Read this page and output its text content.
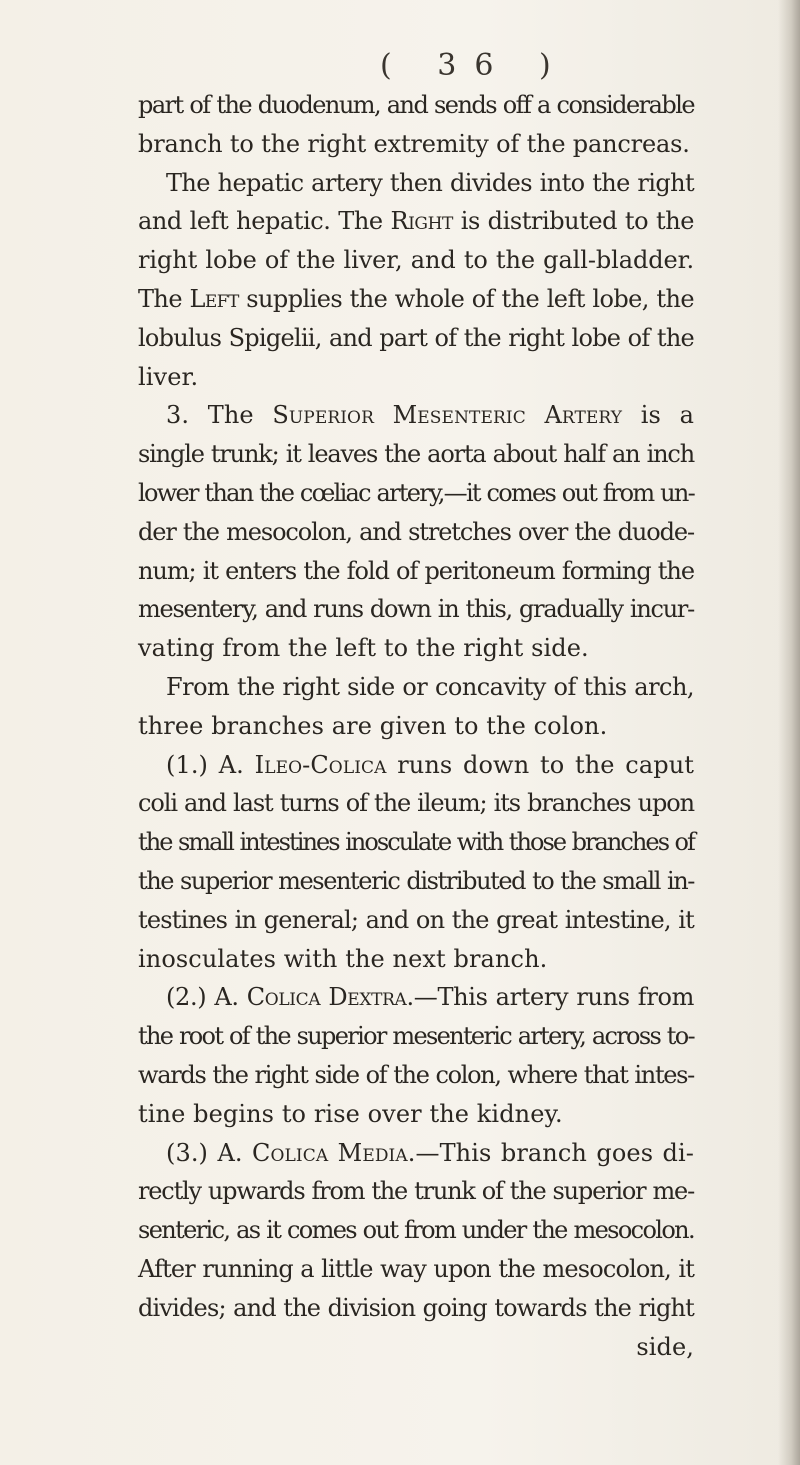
( 36 )
part of the duodenum, and sends off a considerable
branch to the right extremity of the pancreas.
The hepatic artery then divides into the right
and left hepatic. The Right is distributed to the
right lobe of the liver, and to the gall-bladder.
The Left supplies the whole of the left lobe, the
lobulus Spigelii, and part of the right lobe of the
liver.
3. The Superior Mesenteric Artery is a
single trunk; it leaves the aorta about half an inch
lower than the cœliac artery,—it comes out from un-
der the mesocolon, and stretches over the duode-
num; it enters the fold of peritoneum forming the
mesentery, and runs down in this, gradually incur-
vating from the left to the right side.
From the right side or concavity of this arch,
three branches are given to the colon.
(1.) A. Ileo-Colica runs down to the caput
coli and last turns of the ileum; its branches upon
the small intestines inosculate with those branches of
the superior mesenteric distributed to the small in-
testines in general; and on the great intestine, it
inosculates with the next branch.
(2.) A. Colica Dextra.—This artery runs from
the root of the superior mesenteric artery, across to-
wards the right side of the colon, where that intes-
tine begins to rise over the kidney.
(3.) A. Colica Media.—This branch goes di-
rectly upwards from the trunk of the superior me-
senteric, as it comes out from under the mesocolon.
After running a little way upon the mesocolon, it
divides; and the division going towards the right
side,
